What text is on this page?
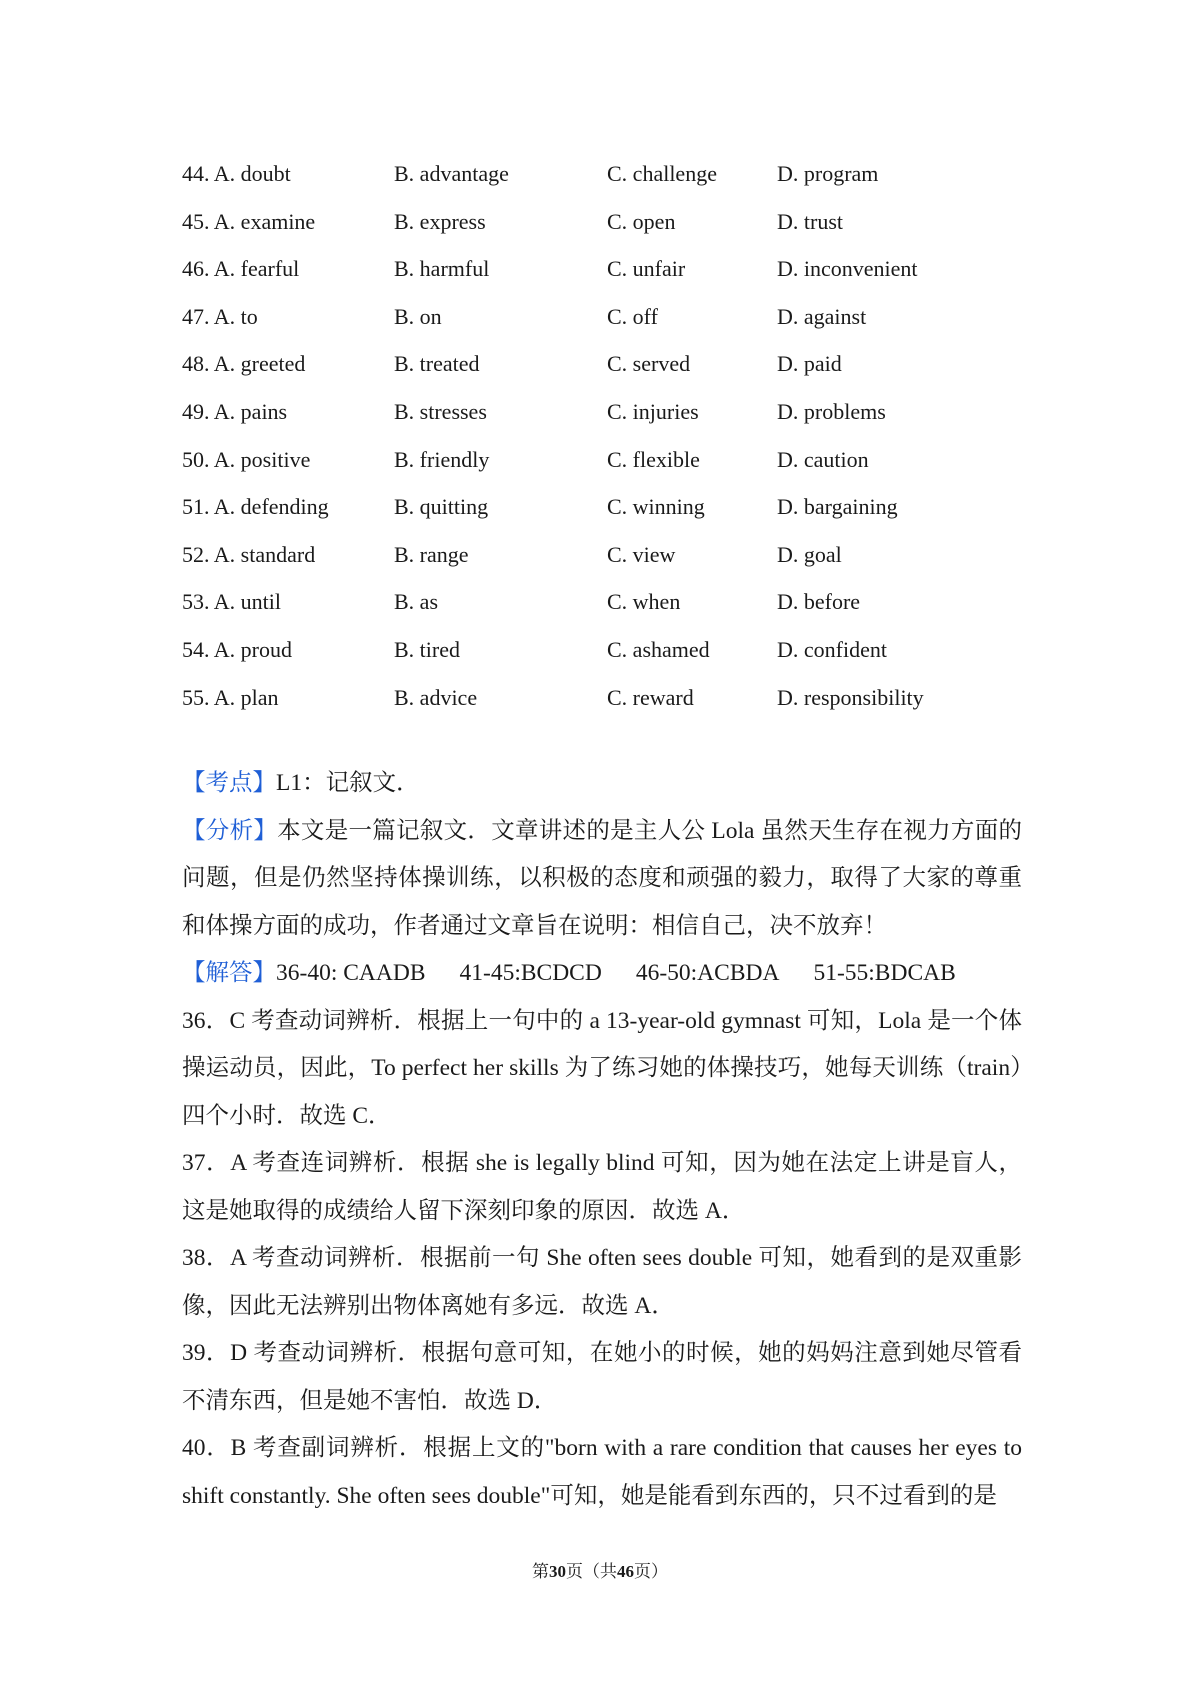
44. A. doubt	B. advantage	C. challenge	D. program
45. A. examine	B. express	C. open	D. trust
46. A. fearful	B. harmful	C. unfair	D. inconvenient
47. A. to	B. on	C. off	D. against
48. A. greeted	B. treated	C. served	D. paid
49. A. pains	B. stresses	C. injuries	D. problems
50. A. positive	B. friendly	C. flexible	D. caution
51. A. defending	B. quitting	C. winning	D. bargaining
52. A. standard	B. range	C. view	D. goal
53. A. until	B. as	C. when	D. before
54. A. proud	B. tired	C. ashamed	D. confident
55. A. plan	B. advice	C. reward	D. responsibility

【考点】L1：记叙文．

【分析】本文是一篇记叙文．文章讲述的是主人公 Lola 虽然天生存在视力方面的问题，但是仍然坚持体操训练，以积极的态度和顽强的毅力，取得了大家的尊重和体操方面的成功，作者通过文章旨在说明：相信自己，决不放弃！

【解答】36-40: CAADB 41-45:BCDCD 46-50:ACBDA 51-55:BDCAB

36．C 考查动词辨析．根据上一句中的 a 13-year-old gymnast 可知，Lola 是一个体操运动员，因此，To perfect her skills 为了练习她的体操技巧，她每天训练（train）四个小时．故选 C．

37．A 考查连词辨析．根据 she is legally blind 可知，因为她在法定上讲是盲人，这是她取得的成绩给人留下深刻印象的原因．故选 A．

38．A 考查动词辨析．根据前一句 She often sees double 可知，她看到的是双重影像，因此无法辨别出物体离她有多远．故选 A．

39．D 考查动词辨析．根据句意可知，在她小的时候，她的妈妈注意到她尽管看不清东西，但是她不害怕．故选 D．

40．B 考查副词辨析．根据上文的"born with a rare condition that causes her eyes to shift constantly. She often sees double"可知，她是能看到东西的，只不过看到的是

第30页（共46页）
